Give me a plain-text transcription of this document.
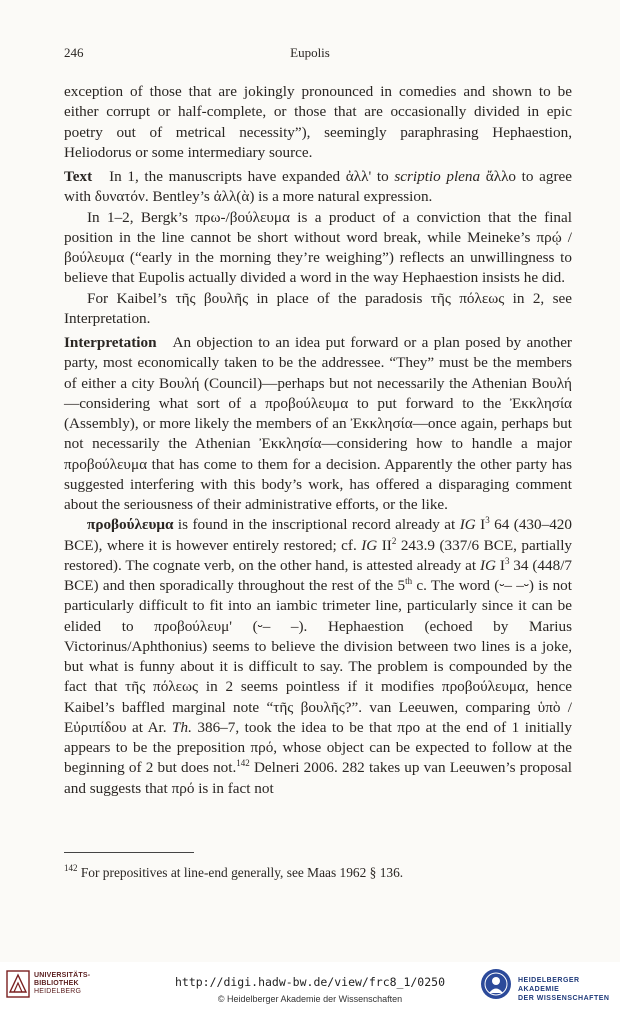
246	Eupolis

exception of those that are jokingly pronounced in comedies and shown to be either corrupt or half-complete, or those that are occasionally divided in epic poetry out of metrical necessity”), seemingly paraphrasing Hephaestion, Heliodorus or some intermediary source.

Text In 1, the manuscripts have expanded ἀλλ' to scriptio plena ἄλλο to agree with δυνατόν. Bentley’s ἀλλ(ὰ) is a more natural expression.

In 1–2, Bergk’s πρω-/βούλευμα is a product of a conviction that the final position in the line cannot be short without word break, while Meineke’s πρῴ / βούλευμα (“early in the morning they’re weighing”) reflects an unwillingness to believe that Eupolis actually divided a word in the way Hephaestion insists he did.

For Kaibel’s τῆς βουλῆς in place of the paradosis τῆς πόλεως in 2, see Interpretation.

Interpretation An objection to an idea put forward or a plan posed by another party, most economically taken to be the addressee. “They” must be the members of either a city Βουλή (Council)—perhaps but not necessarily the Athenian Βουλή—considering what sort of a προβούλευμα to put forward to the Ἐκκλησία (Assembly), or more likely the members of an Ἐκκλησία—once again, perhaps but not necessarily the Athenian Ἐκκλησία—considering how to handle a major προβούλευμα that has come to them for a decision. Apparently the other party has suggested interfering with this body’s work, has offered a disparaging comment about the seriousness of their administrative efforts, or the like.

προβούλευμα is found in the inscriptional record already at IG $I^3$ 64 (430–420 BCE), where it is however entirely restored; cf. IG $II^2$ 243.9 (337/6 BCE, partially restored). The cognate verb, on the other hand, is attested already at IG $I^3$ 34 (448/7 BCE) and then sporadically throughout the rest of the 5th c. The word (⏑– –⏑) is not particularly difficult to fit into an iambic trimeter line, particularly since it can be elided to προβούλευμ' (⏑– –). Hephaestion (echoed by Marius Victorinus/Aphthonius) seems to believe the division between two lines is a joke, but what is funny about it is difficult to say. The problem is compounded by the fact that τῆς πόλεως in 2 seems pointless if it modifies προβούλευμα, hence Kaibel’s baffled marginal note “τῆς βουλῆς?”. van Leeuwen, comparing ὑπὸ / Εὐριπίδου at Ar. Th. 386–7, took the idea to be that πρo at the end of 1 initially appears to be the preposition πρό, whose object can be expected to follow at the beginning of 2 but does not.$^{142}$ Delneri 2006. 282 takes up van Leeuwen’s proposal and suggests that πρό is in fact not

$^{142}$ For prepositives at line-end generally, see Maas 1962 § 136.
UNIVERSITÄTS-
BIBLIOTHEK
HEIDELBERG
http://digi.hadw-bw.de/view/frc8_1/0250
© Heidelberger Akademie der Wissenschaften
HEIDELBERGER AKADEMIE
DER WISSENSCHAFTEN
